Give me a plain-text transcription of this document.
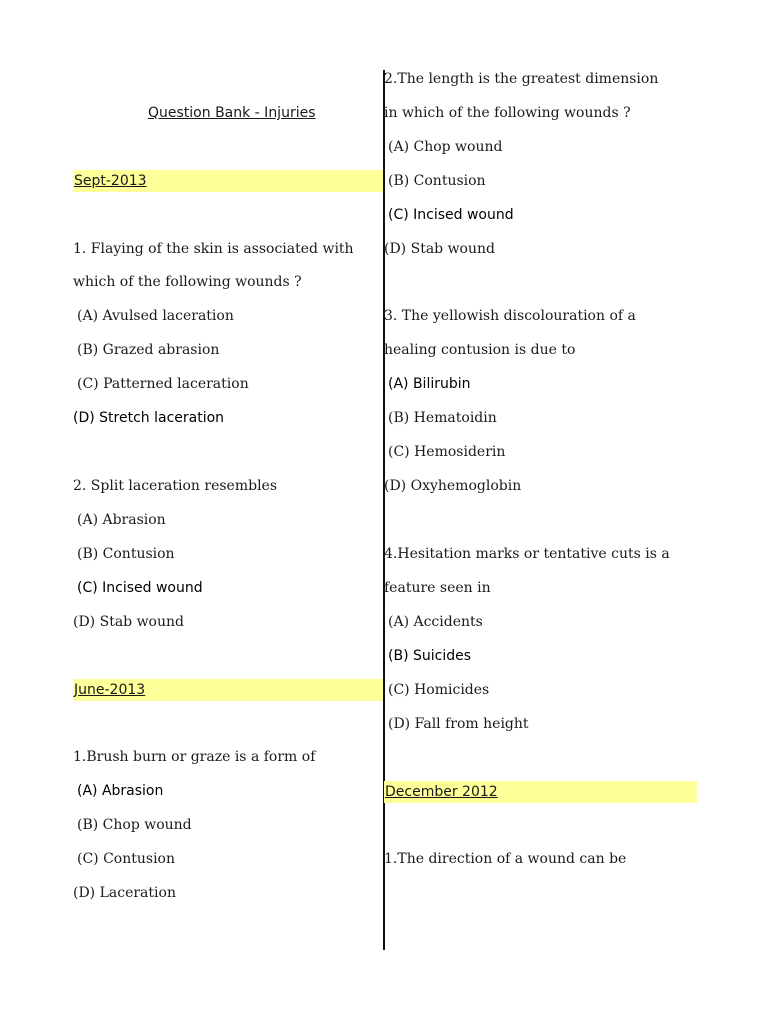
Question Bank - Injuries
Sept-2013
1. Flaying of the skin is associated with
which of the following wounds ?
(A) Avulsed laceration
(B) Grazed abrasion
(C) Patterned laceration
(D) Stretch laceration
2. Split laceration resembles
(A) Abrasion
(B) Contusion
(C) Incised wound
(D) Stab wound
June-2013
1.Brush burn or graze is a form of
(A) Abrasion
(B) Chop wound
(C) Contusion
(D) Laceration
2.The length is the greatest dimension
in which of the following wounds ?
(A) Chop wound
(B) Contusion
(C) Incised wound
(D) Stab wound
3. The yellowish discolouration of a
healing contusion is due to
(A) Bilirubin
(B) Hematoidin
(C) Hemosiderin
(D) Oxyhemoglobin
4.Hesitation marks or tentative cuts is a
feature seen in
(A) Accidents
(B) Suicides
(C) Homicides
(D) Fall from height
December 2012
1.The direction of a wound can be
